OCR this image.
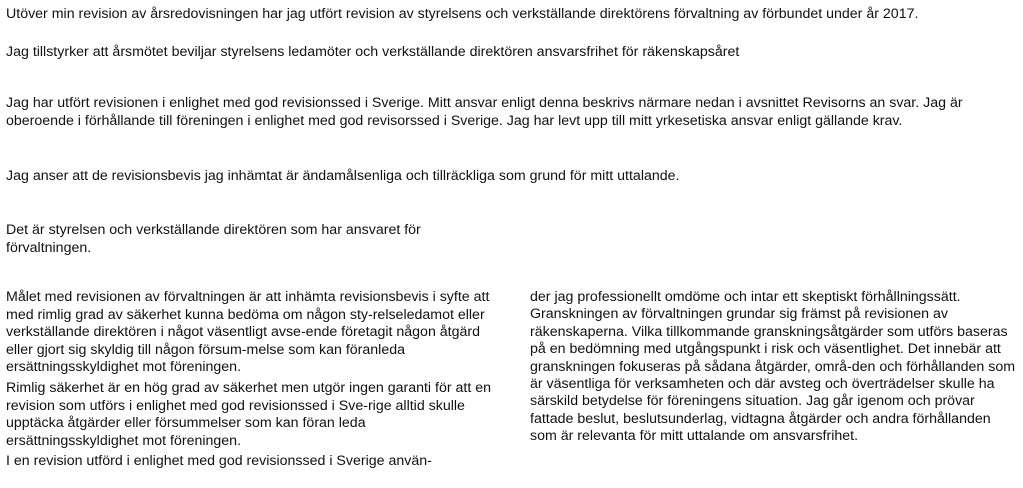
Utöver min revision av årsredovisningen har jag utfört revision av styrelsens och verkställande direktörens förvaltning av förbundet under år 2017.

Jag tillstyrker att årsmötet beviljar styrelsens ledamöter och verkställande direktören ansvarsfrihet för räkenskapsåret

Jag har utfört revisionen i enlighet med god revisionssed i Sverige. Mitt ansvar enligt denna beskrivs närmare nedan i avsnittet Revisorns an svar. Jag är oberoende i förhållande till föreningen i enlighet med god revisorssed i Sverige. Jag har levt upp till mitt yrkesetiska ansvar enligt gällande krav.

Jag anser att de revisionsbevis jag inhämtat är ändamålsenliga och tillräckliga som grund för mitt uttalande.

Det är styrelsen och verkställande direktören som har ansvaret för förvaltningen.

Målet med revisionen av förvaltningen är att inhämta revisionsbevis i syfte att med rimlig grad av säkerhet kunna bedöma om någon sty-relseledamot eller verkställande direktören i något väsentligt avse-ende företagit någon åtgärd eller gjort sig skyldig till någon försum-melse som kan föranleda ersättningsskyldighet mot föreningen.

Rimlig säkerhet är en hög grad av säkerhet men utgör ingen garanti för att en revision som utförs i enlighet med god revisionssed i Sve-rige alltid skulle upptäcka åtgärder eller försummelser som kan föran leda ersättningsskyldighet mot föreningen.

I en revision utförd i enlighet med god revisionssed i Sverige använ-

der jag professionellt omdöme och intar ett skeptiskt förhållningssätt. Granskningen av förvaltningen grundar sig främst på revisionen av räkenskaperna. Vilka tillkommande granskningsåtgärder som utförs baseras på en bedömning med utgångspunkt i risk och väsentlighet. Det innebär att granskningen fokuseras på sådana åtgärder, områ-den och förhållanden som är väsentliga för verksamheten och där avsteg och överträdelser skulle ha särskild betydelse för föreningens situation. Jag går igenom och prövar fattade beslut, beslutsunderlag, vidtagna åtgärder och andra förhållanden som är relevanta för mitt uttalande om ansvarsfrihet.
